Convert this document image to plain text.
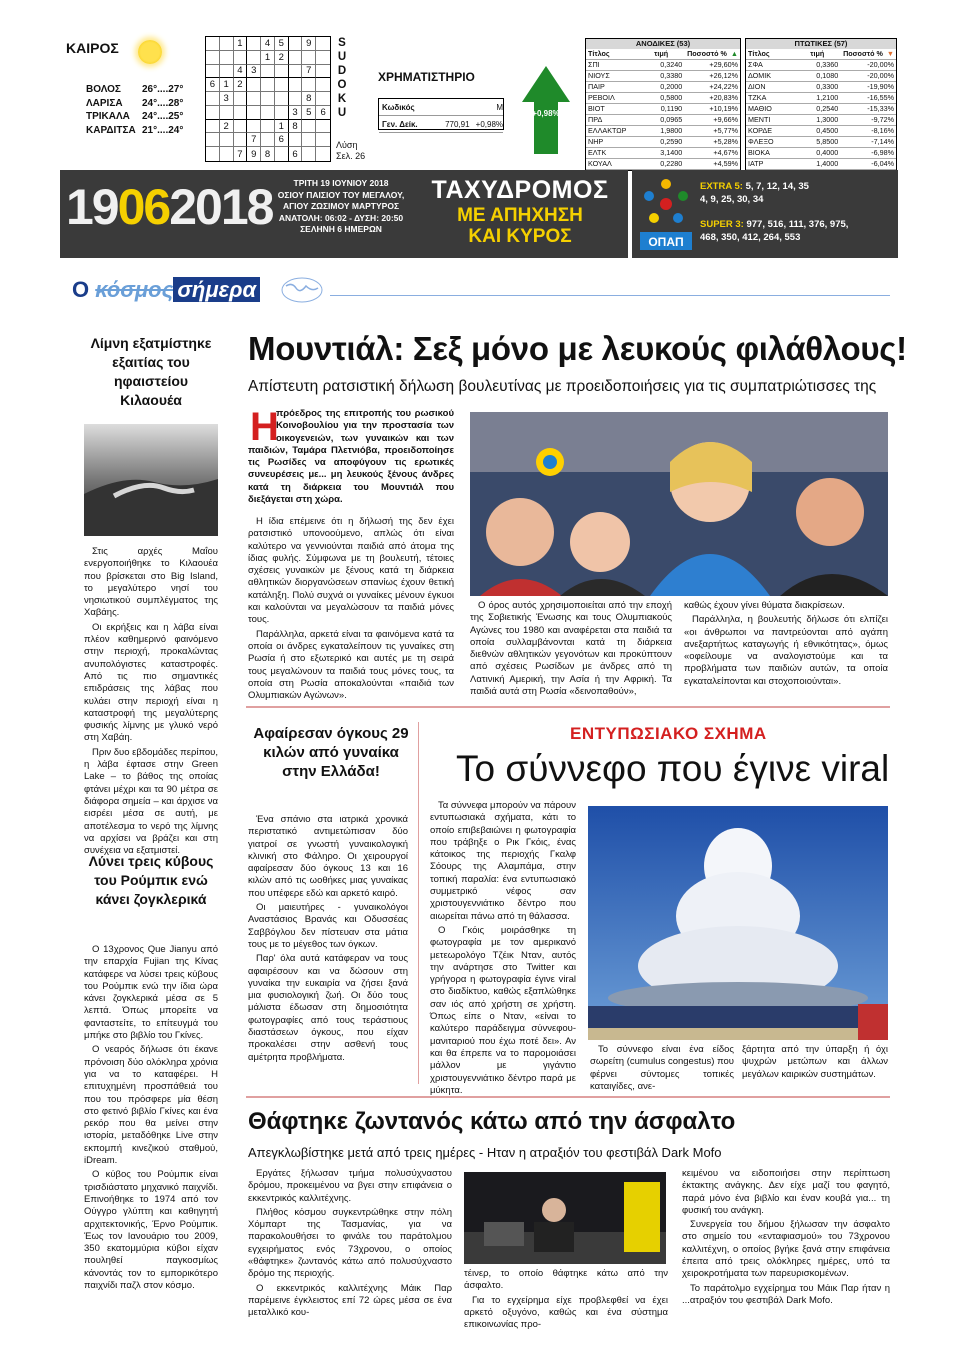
ΚΑΙΡΟΣ
ΒΟΛΟΣ	26°....27°
ΛΑΡΙΣΑ	24°....28°
ΤΡΙΚΑΛΑ	24°....25°
ΚΑΡΔΙΤΣΑ 21°....24°
1	4 5	9
1 2
4 3	7
6 1 2
3	8
3 5 6
2	1 8
7	6
7 9 8	6
S
U
D
O
K
U
Λύση
Σελ. 26
ΧΡΗΜΑΤΙΣΤΗΡΙΟ
Κωδικός	Μ
Γεν. Δείκ.	770,91 +0,98%
+0,98%
ΑΝΟΔΙΚΕΣ (53)
Τίτλος	τιμή	Ποσοστό % ▲
ΣΠΙ	0,3240	+29,60%
ΝΙΟΥΣ	0,3380	+26,12%
ΠΑΙΡ	0,2000	+24,22%
ΡΕΒΟΙΛ	0,5800	+20,83%
ΒΙΟΤ	0,1190	+10,19%
ΠΡΔ	0,0965	+9,66%
ΕΛΛΑΚΤΩΡ	1,9800	+5,77%
ΝΗΡ	0,2590	+5,28%
ΕΛΤΚ	3,1400	+4,67%
ΚΟΥΑΛ	0,2280	+4,59%
ΠΤΩΤΙΚΕΣ (57)
Τίτλος	τιμή	Ποσοστό % ▼
ΣΦΑ	0,3360	-20,00%
ΔΟΜΙΚ	0,1080	-20,00%
ΔΙΟΝ	0,3300	-19,90%
ΤΖΚΑ	1,2100	-16,55%
ΜΑΘΙΟ	0,2540	-15,33%
ΜΕΝΤΙ	1,3000	-9,72%
ΚΟΡΔΕ	0,4500	-8,16%
ΦΛΕΞΟ	5,8500	-7,14%
ΒΙΟΚΑ	0,4000	-6,98%
ΙΑΤΡ	1,4000	-6,04%
19062018	ΤΡΙΤΗ 19 ΙΟΥΝΙΟΥ 2018
ΟΣΙΟΥ ΠΑΙΣΙΟΥ ΤΟΥ ΜΕΓΑΛΟΥ,
ΑΓΙΟΥ ΖΩΣΙΜΟΥ ΜΑΡΤΥΡΟΣ
ΑΝΑΤΟΛΗ: 06:02 - ΔΥΣΗ: 20:50
ΣΕΛΗΝΗ 6 ΗΜΕΡΩΝ
ΤΑΧΥΔΡΟΜΟΣ
ΜΕ ΑΠΗΧΗΣΗ
ΚΑΙ ΚΥΡΟΣ	ΟΠΑΠ
EXTRA 5: 5, 7, 12, 14, 35
4, 9, 25, 30, 34
SUPER 3: 977, 516, 111, 376, 975,
468, 350, 412, 264, 553
Ο κόσμος σήμερα
Λίμνη εξατμίστηκε εξαιτίας του ηφαιστείου Κιλαουέα

Στις αρχές Μαΐου ενεργοποιήθηκε το Κιλαουέα που βρίσκεται στο Big Island, το μεγαλύτερο νησί του νησιωτικού συμπλέγματος της Χαβάης.

Οι εκρήξεις και η λάβα είναι πλέον καθημερινό φαινόμενο στην περιοχή, προκαλώντας ανυπολόγιστες καταστροφές. Από τις πιο σημαντικές επιδράσεις της λάβας που κυλάει στην περιοχή είναι η καταστροφή της μεγαλύτερης φυσικής λίμνης με γλυκό νερό στη Χαβάη.

Πριν δυο εβδομάδες περίπου, η λάβα έφτασε στην Green Lake – το βάθος της οποίας φτάνει μέχρι και τα 90 μέτρα σε διάφορα σημεία – και άρχισε να εισρέει μέσα σε αυτή, με αποτέλεσμα το νερό της λίμνης να αρχίσει να βράζει και στη συνέχεια να εξατμιστεί.

Λύνει τρεις κύβους του Ρούμπικ ενώ κάνει ζογκλερικά

Ο 13χρονος Que Jianyu από την επαρχία Fujian της Κίνας κατάφερε να λύσει τρεις κύβους του Ρούμπικ ενώ την ίδια ώρα κάνει ζογκλερικά μέσα σε 5 λεπτά. Όπως μπορείτε να φανταστείτε, το επίτευγμά του μπήκε στο βιβλίο του Γκίνες.

Ο νεαρός δήλωσε ότι έκανε πρόνοιση δύο ολόκληρα χρόνια για να το καταφέρει. Η επιτυχημένη προσπάθειά του που του πρόσφερε μία θέση στο φετινό βιβλίο Γκίνες και ένα ρεκόρ που θα μείνει στην ιστορία, μεταδόθηκε Live στην εκπομπή κινεζικού σταθμού, iDream.

Ο κύβος του Ρούμπικ είναι τρισδιάστατο μηχανικό παιχνίδι. Επινοήθηκε το 1974 από τον Ούγγρο γλύπτη και καθηγητή αρχιτεκτονικής, Έρνο Ρούμπικ. Έως τον Ιανουάριο του 2009, 350 εκατομμύρια κύβοι είχαν πουληθεί παγκοσμίως κάνοντάς τον το εμπορικότερο παιχνίδι παζλ στον κόσμο.

Μουντιάλ: Σεξ μόνο με λευκούς φιλάθλους!
Απίστευτη ρατσιστική δήλωση βουλευτίνας με προειδοποιήσεις για τις συμπατριώτισσες της
Η
πρόεδρος της επιτροπής του ρωσικού Κοινοβουλίου για την προστασία των οικογενειών, των γυναικών και των παιδιών, Ταμάρα Πλετνιόβα, προειδοποίησε τις Ρωσίδες να αποφύγουν τις ερωτικές συνευρέσεις με... μη λευκούς ξένους άνδρες κατά τη διάρκεια του Μουντιάλ που διεξάγεται στη χώρα.

Η ίδια επέμεινε ότι η δήλωσή της δεν έχει ρατσιστικό υπονοούμενο, απλώς ότι είναι καλύτερο να γεννιούνται παιδιά από άτομα της ίδιας φυλής. Σύμφωνα με τη βουλευτή, τέτοιες σχέσεις γυναικών με ξένους κατά τη διάρκεια αθλητικών διοργανώσεων σπανίως έχουν θετική κατάληξη. Πολύ συχνά οι γυναίκες μένουν έγκυοι και καλούνται να μεγαλώσουν τα παιδιά μόνες τους.

Παράλληλα, αρκετά είναι τα φαινόμενα κατά τα οποία οι άνδρες εγκαταλείπουν τις γυναίκες στη Ρωσία ή στο εξωτερικό και αυτές με τη σειρά τους μεγαλώνουν τα παιδιά τους μόνες τους, τα οποία στη Ρωσία αποκαλούνται «παιδιά των Ολυμπιακών Αγώνων».

Ο όρος αυτός χρησιμοποιείται από την εποχή της Σοβιετικής Ένωσης και τους Ολυμπιακούς Αγώνες του 1980 και αναφέρεται στα παιδιά τα οποία συλλαμβάνονται κατά τη διάρκεια διεθνών αθλητικών γεγονότων και προκύπτουν από σχέσεις Ρωσίδων με άνδρες από τη Λατινική Αμερική, την Ασία ή την Αφρική. Τα παιδιά αυτά στη Ρωσία «δεινοπαθούν»,

καθώς έχουν γίνει θύματα διακρίσεων.

Παράλληλα, η βουλευτής δήλωσε ότι ελπίζει «οι άνθρωποι να παντρεύονται από αγάπη ανεξαρτήτως καταγωγής ή εθνικότητας», όμως «οφείλουμε να αναλογιστούμε και τα προβλήματα των παιδιών αυτών, τα οποία εγκαταλείπονται και στοχοποιούνται».

Αφαίρεσαν όγκους 29 κιλών από γυναίκα στην Ελλάδα!

Ένα σπάνιο στα ιατρικά χρονικά περιστατικό αντιμετώπισαν δύο γιατροί σε γνωστή γυναικολογική κλινική στο Φάληρο. Οι χειρουργοί αφαίρεσαν δύο όγκους 13 και 16 κιλών από τις ωοθήκες μιας γυναίκας που υπέφερε εδώ και αρκετό καιρό.

Οι μαιευτήρες - γυναικολόγοι Αναστάσιος Βρανάς και Οδυσσέας Σαββόγλου δεν πίστευαν στα μάτια τους με το μέγεθος των όγκων.

Παρ' όλα αυτά κατάφεραν να τους αφαιρέσουν και να δώσουν στη γυναίκα την ευκαιρία να ζήσει ξανά μια φυσιολογική ζωή. Οι δύο τους μάλιστα έδωσαν στη δημοσιότητα φωτογραφίες από τους τεράστιους διαστάσεων όγκους, που είχαν προκαλέσει στην ασθενή τους αμέτρητα προβλήματα.

ΕΝΤΥΠΩΣΙΑΚΟ ΣΧΗΜΑ
Το σύννεφο που έγινε viral

Τα σύννεφα μπορούν να πάρουν εντυπωσιακά σχήματα, κάτι το οποίο επιβεβαιώνει η φωτογραφία που τράβηξε ο Ρικ Γκόις, ένας κάτοικος της περιοχής Γκαλφ Σόουρς της Αλαμπάμα, στην τοπική παραλία: ένα εντυπωσιακό συμμετρικό νέφος σαν χριστουγεννιάτικο δέντρο που αιωρείται πάνω από τη θάλασσα.

Ο Γκόις μοιράσθηκε τη φωτογραφία με τον αμερικανό μετεωρολόγο Τζέικ Νταν, αυτός την ανάρτησε στο Twitter και γρήγορα η φωτογραφία έγινε viral στο διαδίκτυο, καθώς εξαπλώθηκε σαν ιός από χρήστη σε χρήστη. Όπως είπε ο Νταν, «είναι το καλύτερο παράδειγμα σύννεφου-μανιταριού που έχω ποτέ δει». Αν και θα έπρεπε να το παρομοιάσει μάλλον με γιγάντιο χριστουγεννιάτικο δέντρο παρά με μύκητα.

Το σύννεφο είναι ένα είδος σωρείτη (cumulus congestus) που φέρνει σύντομες τοπικές καταιγίδες, ανε-

ξάρτητα από την ύπαρξη ή όχι ψυχρών μετώπων και άλλων μεγάλων καιρικών συστημάτων.

Θάφτηκε ζωντανός κάτω από την άσφαλτο
Απεγκλωβίστηκε μετά από τρεις ημέρες - Ηταν η ατραξιόν του φεστιβάλ Dark Mofo

Εργάτες ξήλωσαν τμήμα πολυσύχναστου δρόμου, προκειμένου να βγει στην επιφάνεια ο εκκεντρικός καλλιτέχνης.

Πλήθος κόσμου συγκεντρώθηκε στην πόλη Χόμπαρτ της Τασμανίας, για να παρακολουθήσει το φινάλε του παράτολμου εγχειρήματος ενός 73χρονου, ο οποίος «θάφτηκε» ζωντανός κάτω από πολυσύχναστο δρόμο της περιοχής.

Ο εκκεντρικός καλλιτέχνης Μάικ Παρ παρέμεινε έγκλειστος επί 72 ώρες μέσα σε ένα μεταλλικό κου-

τέινερ, το οποίο θάφτηκε κάτω από την άσφαλτο.

Για το εγχείρημα είχε προβλεφθεί να έχει αρκετό οξυγόνο, καθώς και ένα σύστημα επικοινωνίας προ-

κειμένου να ειδοποιήσει στην περίπτωση έκτακτης ανάγκης. Δεν είχε μαζί του φαγητό, παρά μόνο ένα βιβλίο και έναν κουβά για... τη φυσική του ανάγκη.

Συνεργεία του δήμου ξήλωσαν την άσφαλτο στο σημείο του «ενταφιασμού» του 73χρονου καλλιτέχνη, ο οποίος βγήκε ξανά στην επιφάνεια έπειτα από τρεις ολόκληρες ημέρες, υπό τα χειροκροτήματα των παρευρισκομένων.

Το παράτολμο εγχείρημα του Μάικ Παρ ήταν η ...ατραξιόν του φεστιβάλ Dark Mofo.
